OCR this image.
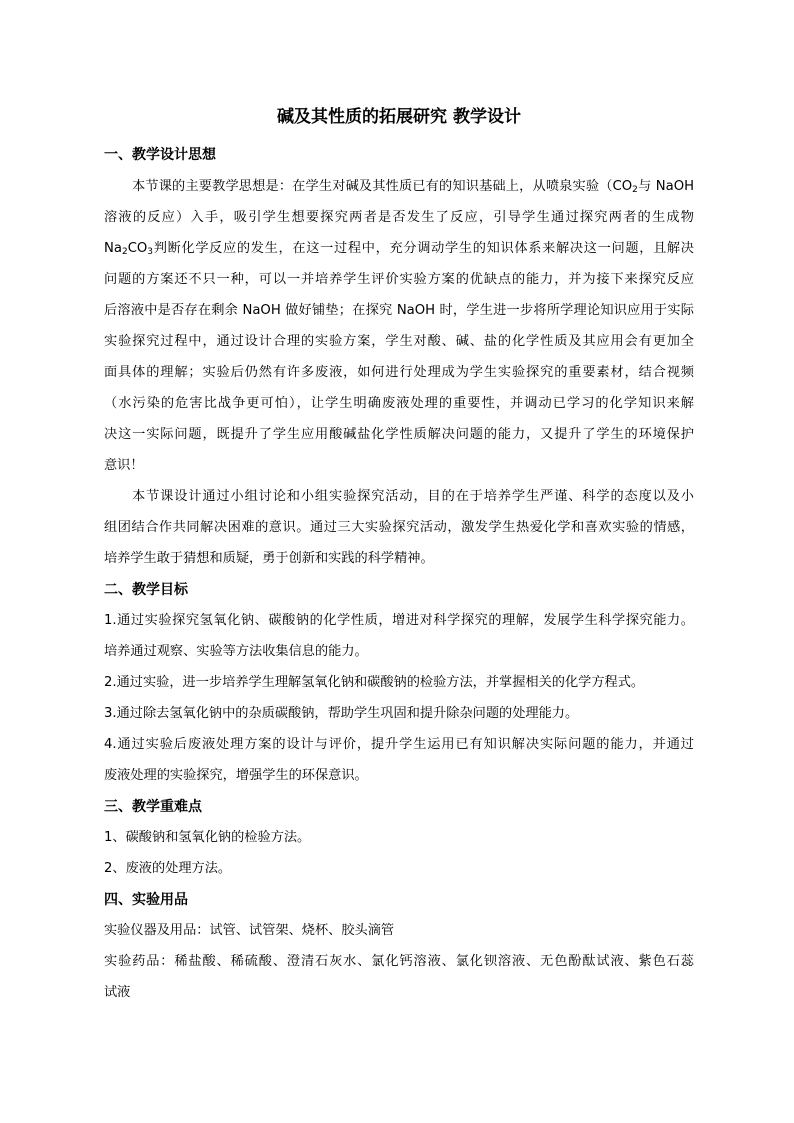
碱及其性质的拓展研究 教学设计
一、教学设计思想
本节课的主要教学思想是：在学生对碱及其性质已有的知识基础上，从喷泉实验（$CO_2$与 NaOH
溶液的反应）入手，吸引学生想要探究两者是否发生了反应，引导学生通过探究两者的生成物
$Na_2CO_3$判断化学反应的发生，在这一过程中，充分调动学生的知识体系来解决这一问题，且解决
问题的方案还不只一种，可以一并培养学生评价实验方案的优缺点的能力，并为接下来探究反应
后溶液中是否存在剩余 NaOH 做好铺垫；在探究 NaOH 时，学生进一步将所学理论知识应用于实际
实验探究过程中，通过设计合理的实验方案，学生对酸、碱、盐的化学性质及其应用会有更加全
面具体的理解；实验后仍然有许多废液，如何进行处理成为学生实验探究的重要素材，结合视频
（水污染的危害比战争更可怕），让学生明确废液处理的重要性，并调动已学习的化学知识来解
决这一实际问题，既提升了学生应用酸碱盐化学性质解决问题的能力，又提升了学生的环境保护
意识！
本节课设计通过小组讨论和小组实验探究活动，目的在于培养学生严谨、科学的态度以及小
组团结合作共同解决困难的意识。通过三大实验探究活动，激发学生热爱化学和喜欢实验的情感，
培养学生敢于猜想和质疑，勇于创新和实践的科学精神。
二、教学目标
1.通过实验探究氢氧化钠、碳酸钠的化学性质，增进对科学探究的理解，发展学生科学探究能力。
培养通过观察、实验等方法收集信息的能力。
2.通过实验，进一步培养学生理解氢氧化钠和碳酸钠的检验方法，并掌握相关的化学方程式。
3.通过除去氢氧化钠中的杂质碳酸钠，帮助学生巩固和提升除杂问题的处理能力。
4.通过实验后废液处理方案的设计与评价，提升学生运用已有知识解决实际问题的能力，并通过
废液处理的实验探究，增强学生的环保意识。
三、教学重难点
1、碳酸钠和氢氧化钠的检验方法。
2、废液的处理方法。
四、实验用品
实验仪器及用品：试管、试管架、烧杯、胶头滴管
实验药品：稀盐酸、稀硫酸、澄清石灰水、氯化钙溶液、氯化钡溶液、无色酚酞试液、紫色石蕊
试液
